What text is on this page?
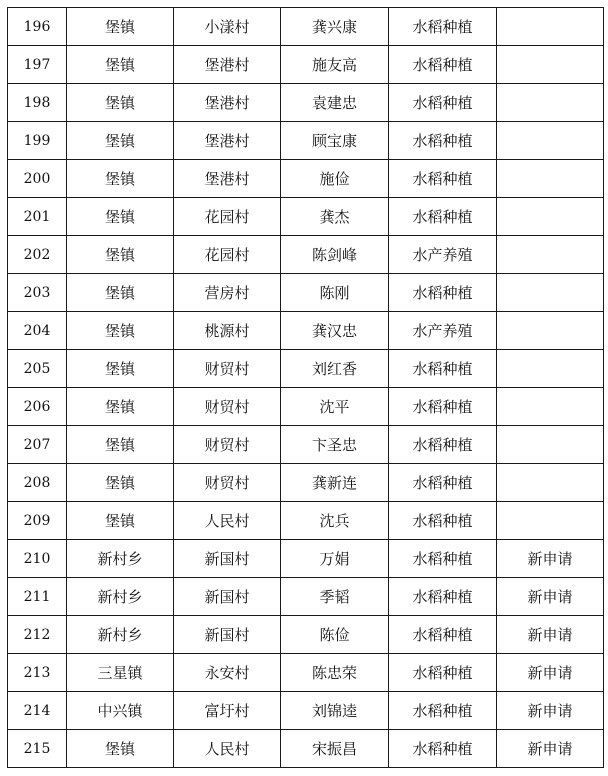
196	堡镇	小漾村	龚兴康	水稻种植	
197	堡镇	堡港村	施友高	水稻种植	
198	堡镇	堡港村	袁建忠	水稻种植	
199	堡镇	堡港村	顾宝康	水稻种植	
200	堡镇	堡港村	施俭	水稻种植	
201	堡镇	花园村	龚杰	水稻种植	
202	堡镇	花园村	陈剑峰	水产养殖	
203	堡镇	营房村	陈刚	水稻种植	
204	堡镇	桃源村	龚汉忠	水产养殖	
205	堡镇	财贸村	刘红香	水稻种植	
206	堡镇	财贸村	沈平	水稻种植	
207	堡镇	财贸村	卞圣忠	水稻种植	
208	堡镇	财贸村	龚新连	水稻种植	
209	堡镇	人民村	沈兵	水稻种植	
210	新村乡	新国村	万娟	水稻种植	新申请
211	新村乡	新国村	季韬	水稻种植	新申请
212	新村乡	新国村	陈俭	水稻种植	新申请
213	三星镇	永安村	陈忠荣	水稻种植	新申请
214	中兴镇	富圩村	刘锦逵	水稻种植	新申请
215	堡镇	人民村	宋振昌	水稻种植	新申请
